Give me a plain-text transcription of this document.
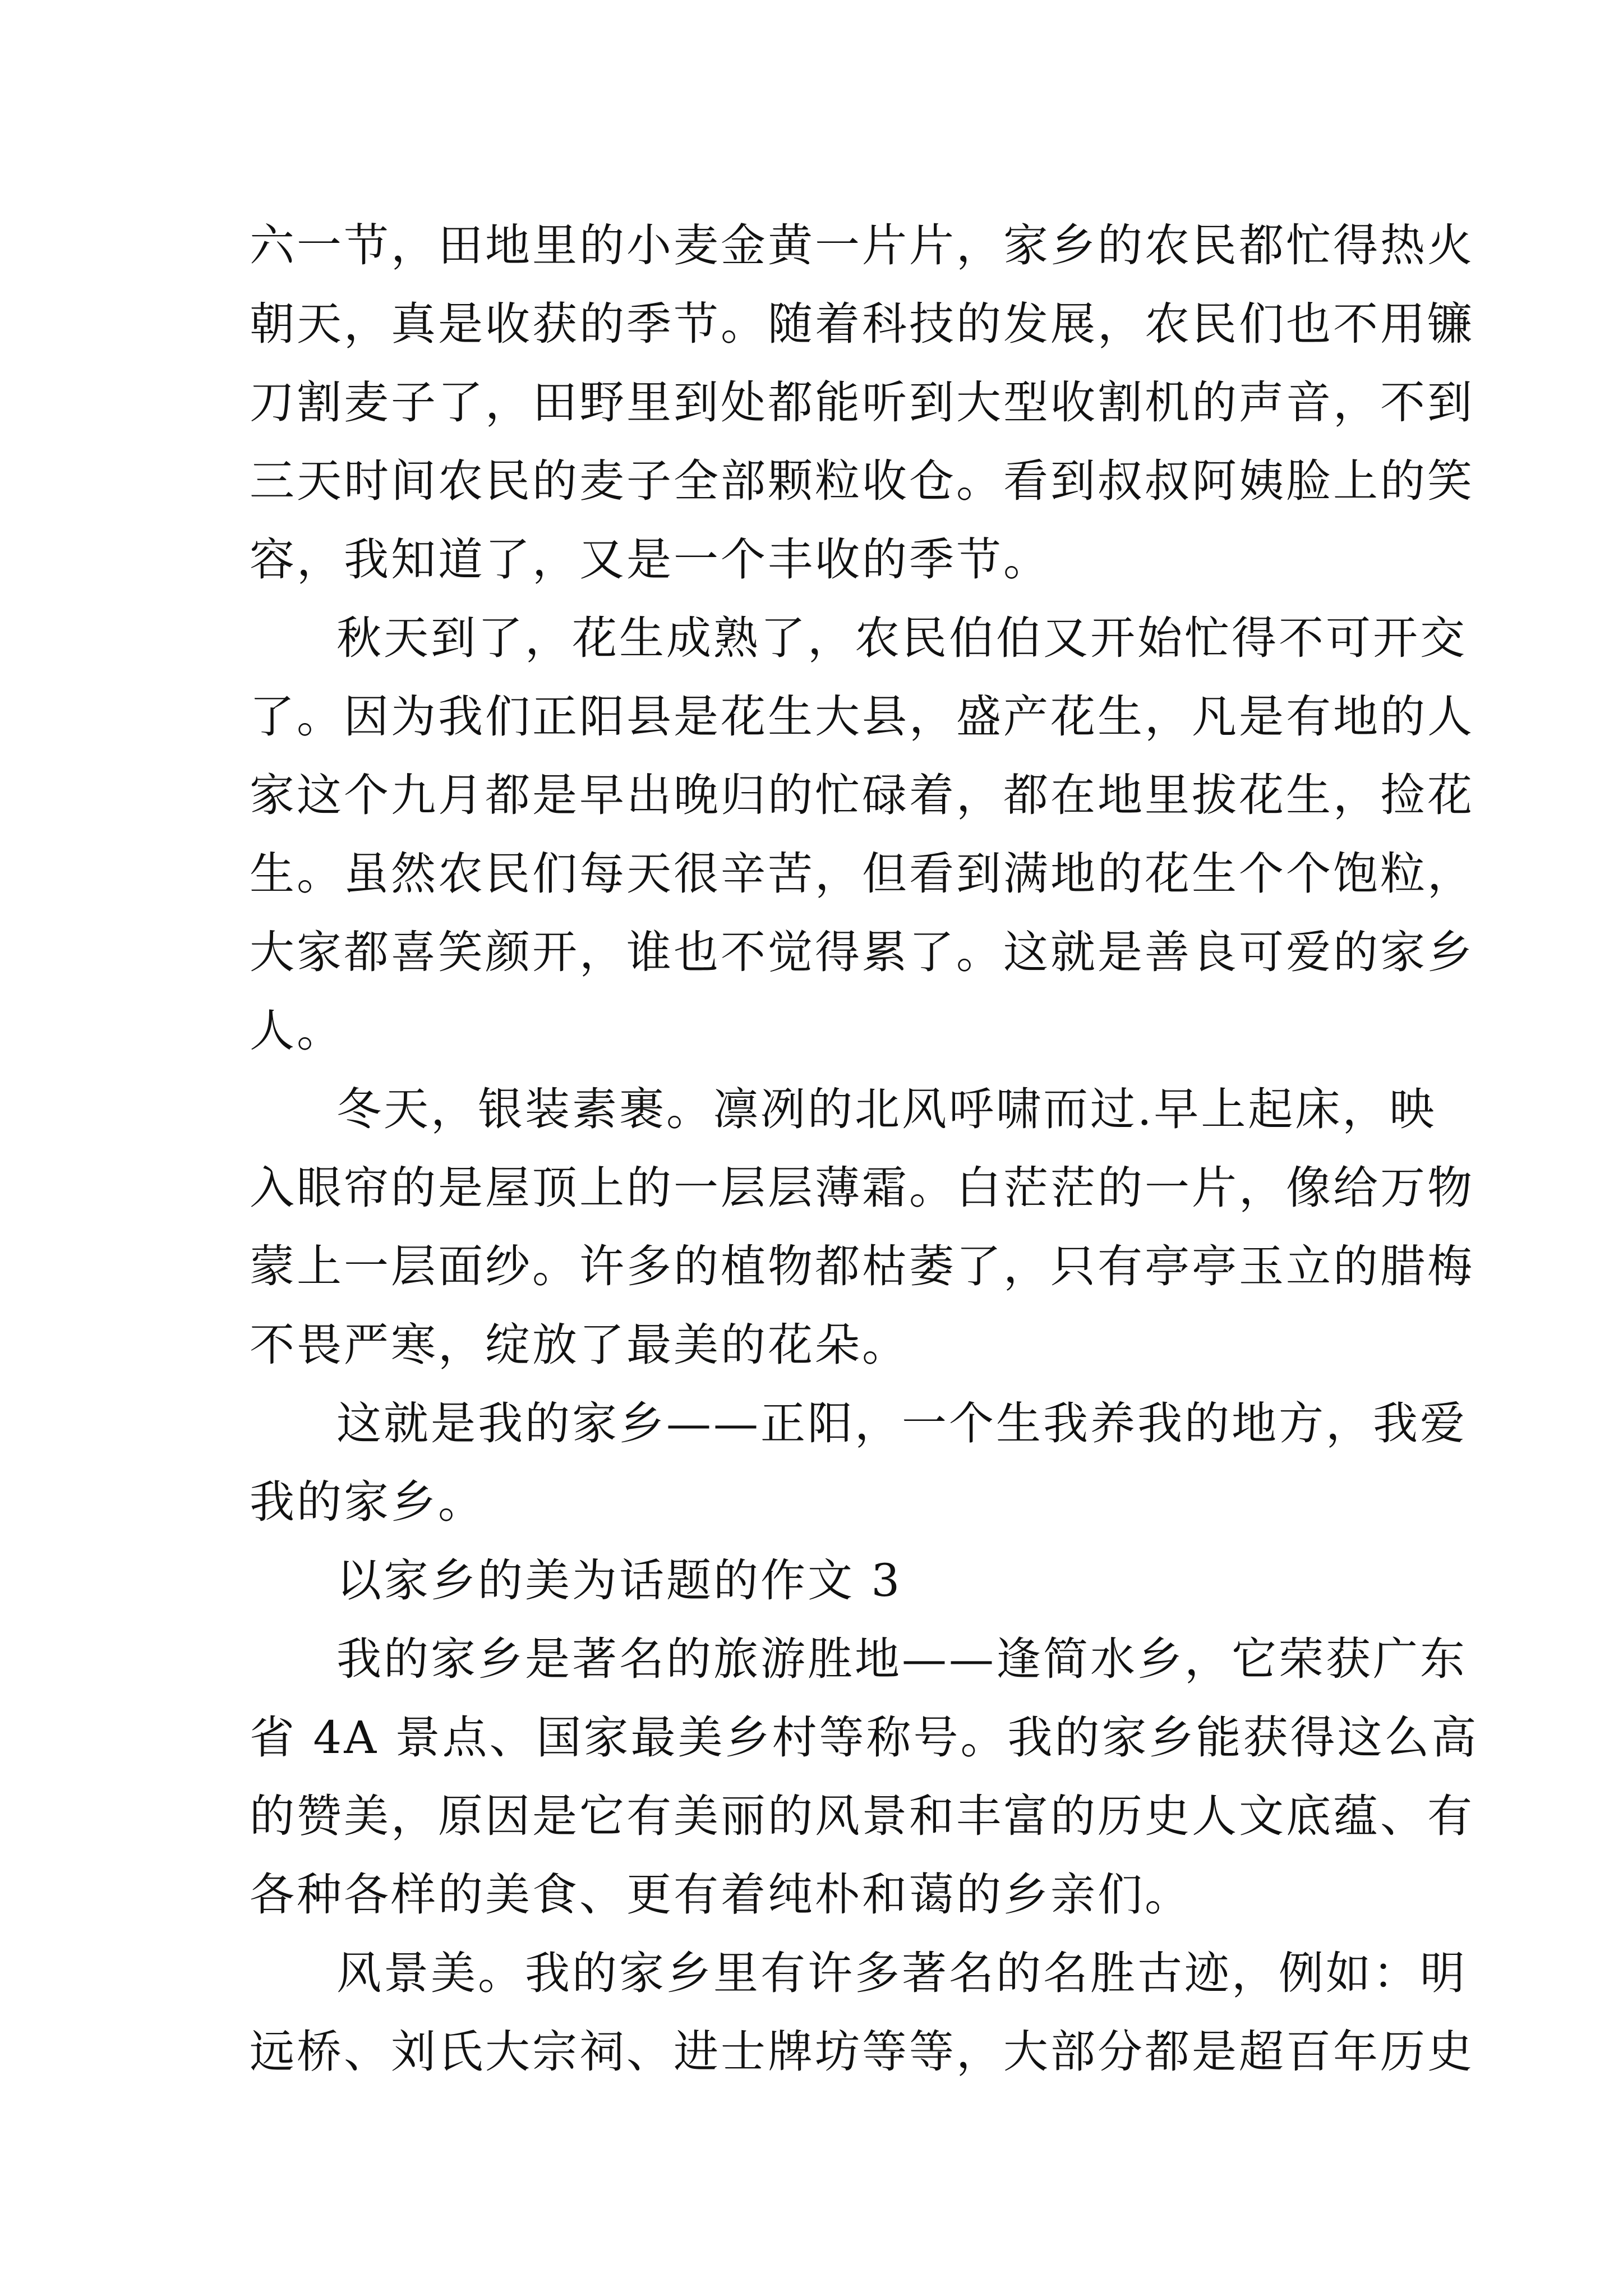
六一节，田地里的小麦金黄一片片，家乡的农民都忙得热火
朝天，真是收获的季节。随着科技的发展，农民们也不用镰
刀割麦子了，田野里到处都能听到大型收割机的声音，不到
三天时间农民的麦子全部颗粒收仓。看到叔叔阿姨脸上的笑
容，我知道了，又是一个丰收的季节。
秋天到了，花生成熟了，农民伯伯又开始忙得不可开交
了。因为我们正阳县是花生大县，盛产花生，凡是有地的人
家这个九月都是早出晚归的忙碌着，都在地里拔花生，捡花
生。虽然农民们每天很辛苦，但看到满地的花生个个饱粒，
大家都喜笑颜开，谁也不觉得累了。这就是善良可爱的家乡
人。
冬天，银装素裹。凛冽的北风呼啸而过.早上起床，映
入眼帘的是屋顶上的一层层薄霜。白茫茫的一片，像给万物
蒙上一层面纱。许多的植物都枯萎了，只有亭亭玉立的腊梅
不畏严寒，绽放了最美的花朵。
这就是我的家乡——正阳，一个生我养我的地方，我爱
我的家乡。
以家乡的美为话题的作文 3
我的家乡是著名的旅游胜地——逢简水乡，它荣获广东
省 4A 景点、国家最美乡村等称号。我的家乡能获得这么高
的赞美，原因是它有美丽的风景和丰富的历史人文底蕴、有
各种各样的美食、更有着纯朴和蔼的乡亲们。
风景美。我的家乡里有许多著名的名胜古迹，例如：明
远桥、刘氏大宗祠、进士牌坊等等，大部分都是超百年历史
